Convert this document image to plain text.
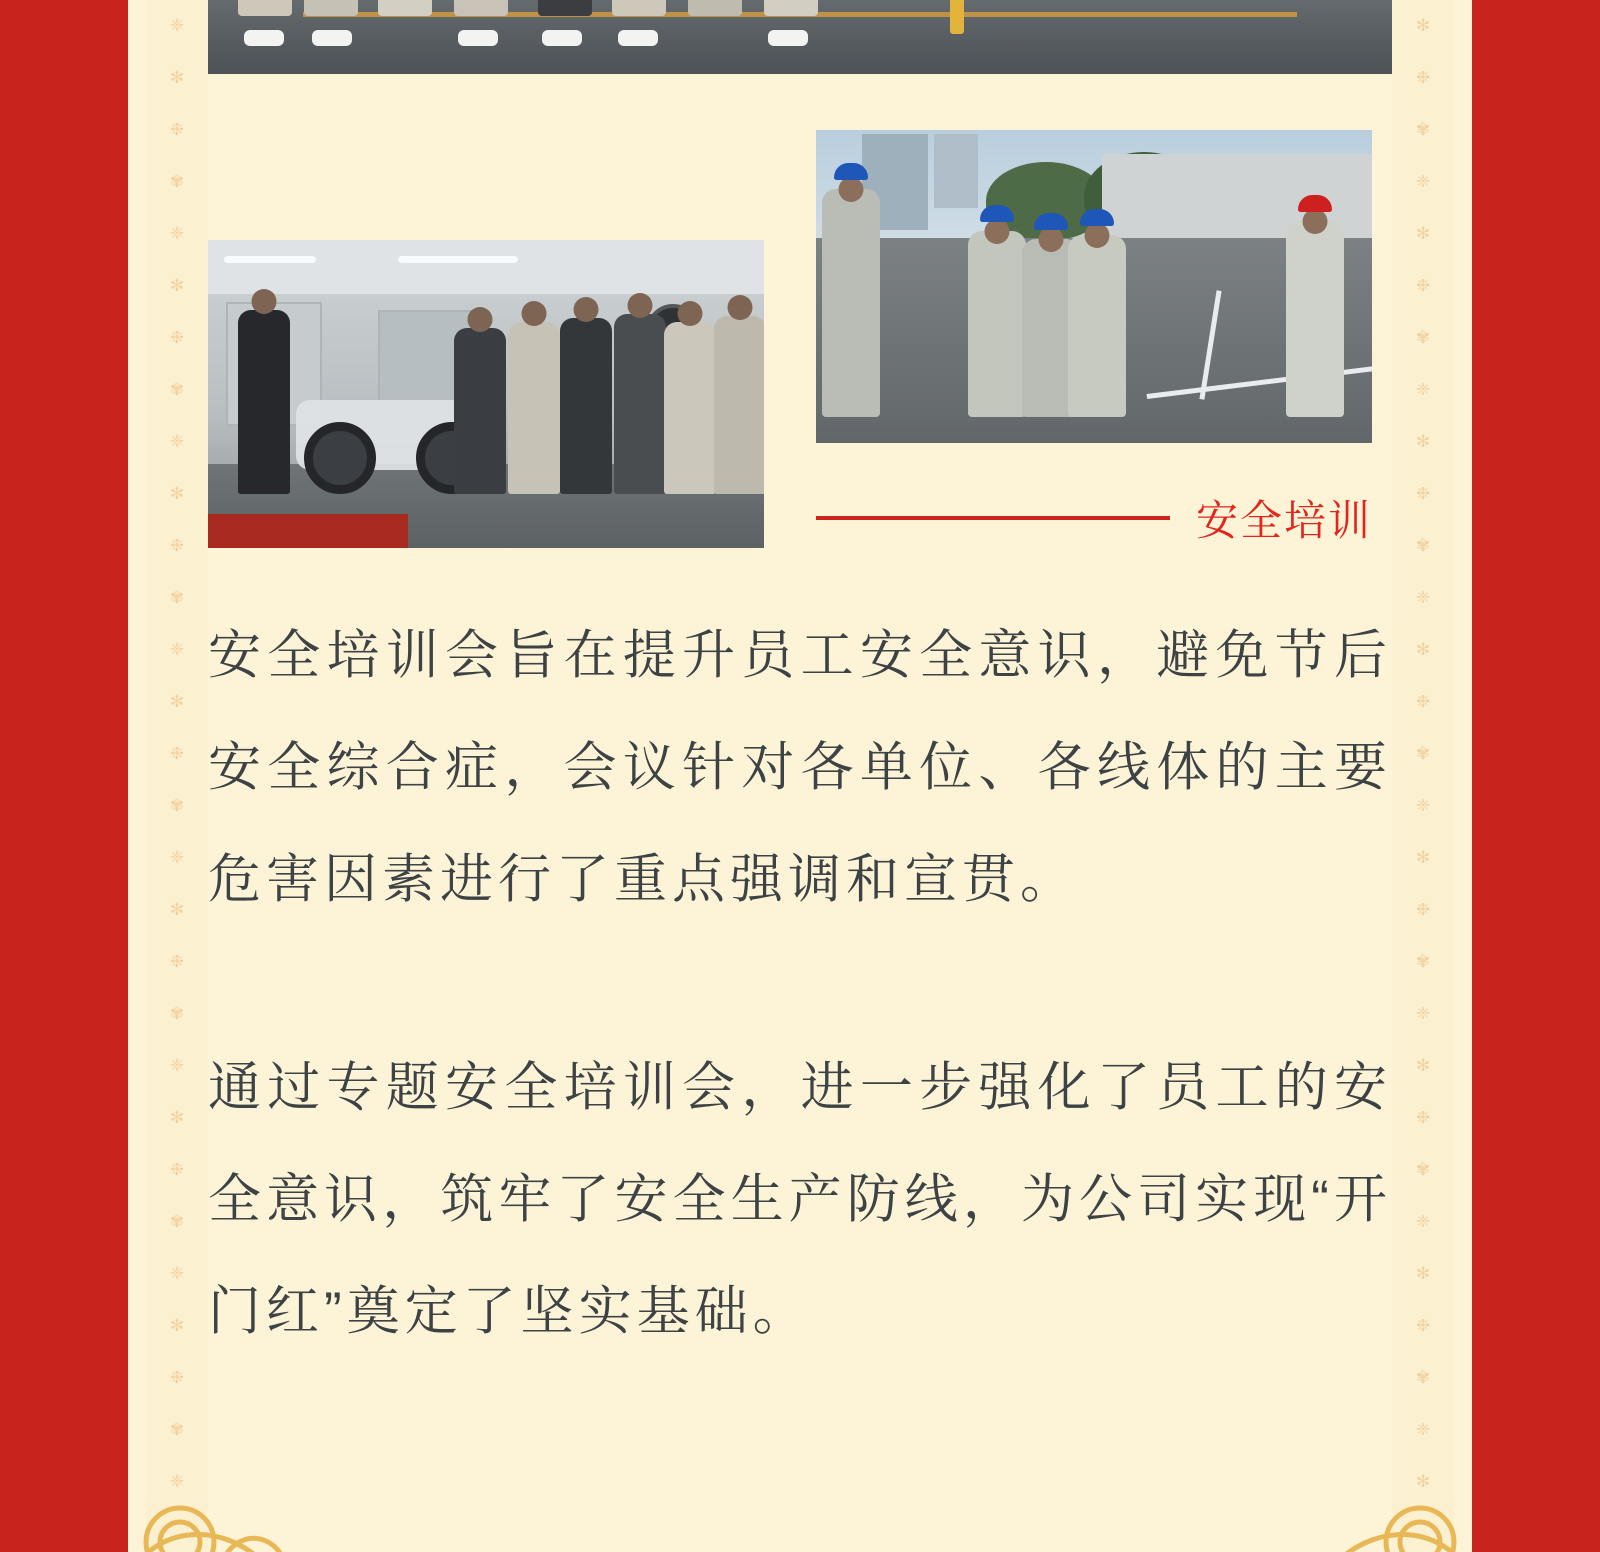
❈
✻
❉
✾
❈
✻
❉
✾
❈
✻
❉
✾
❈
✻
❉
✾
❈
✻
❉
✾
❈
✻
❉
✾
❈
✻
❉
✾
❈
✻
❉
✾
❈
✻
❉
✾
❈
✻
❉
✾
❈
✻
❉
✾
❈
✻
❉
✾
❈
✻
❉
✾
❈
✻
❉
✾
❈
✻
安全培训

安全培训会旨在提升员工安全意识，避免节后安全综合症，会议针对各单位、各线体的主要危害因素进行了重点强调和宣贯。

通过专题安全培训会，进一步强化了员工的安全意识，筑牢了安全生产防线，为公司实现“开门红”奠定了坚实基础。
